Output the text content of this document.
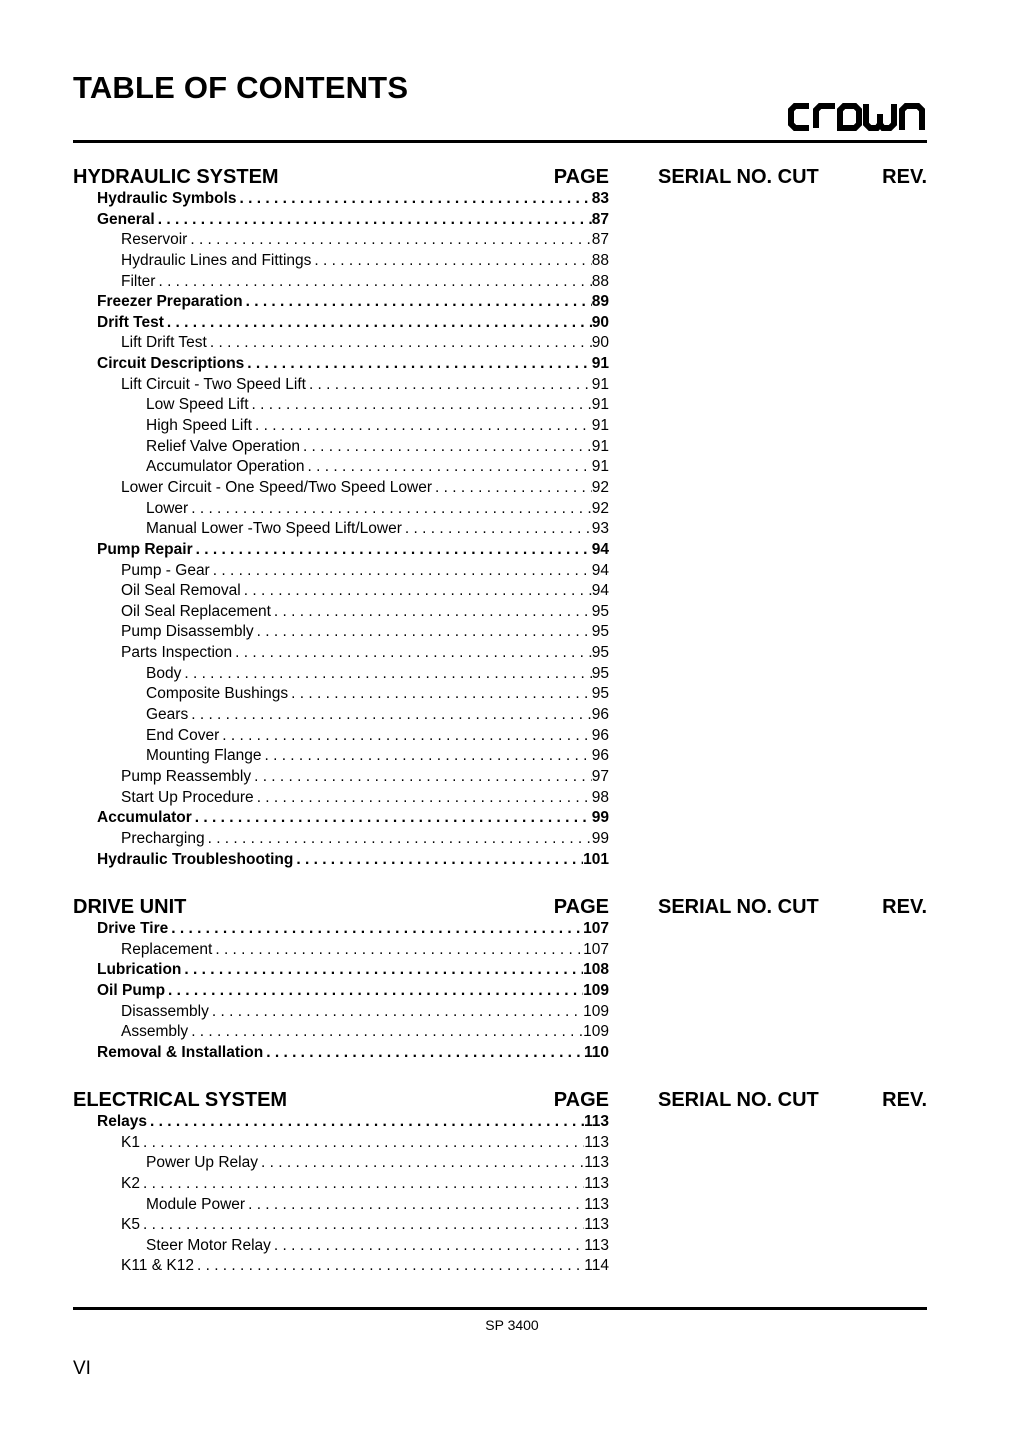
TABLE OF CONTENTS
HYDRAULIC SYSTEM	PAGE SERIAL NO. CUT	REV.
Hydraulic Symbols . . .	83
General . . .	87
Reservoir . . .	87
Hydraulic Lines and Fittings . . .	88
Filter . . .	88
Freezer Preparation . . .	89
Drift Test . . .	90
Lift Drift Test . . .	90
Circuit Descriptions . . .	91
Lift Circuit - Two Speed Lift . . .	91
Low Speed Lift . . .	91
High Speed Lift . . .	91
Relief Valve Operation . . .	91
Accumulator Operation . . .	91
Lower Circuit - One Speed/Two Speed Lower . . .	92
Lower . . .	92
Manual Lower -Two Speed Lift/Lower . . .	93
Pump Repair . . .	94
Pump - Gear . . .	94
Oil Seal Removal . . .	94
Oil Seal Replacement . . .	95
Pump Disassembly . . .	95
Parts Inspection . . .	95
Body . . .	95
Composite Bushings . . .	95
Gears . . .	96
End Cover . . .	96
Mounting Flange . . .	96
Pump Reassembly . . .	97
Start Up Procedure . . .	98
Accumulator . . .	99
Precharging . . .	99
Hydraulic Troubleshooting . . .	101
DRIVE UNIT	PAGE SERIAL NO. CUT	REV.
Drive Tire . . .	107
Replacement . . .	107
Lubrication . . .	108
Oil Pump . . .	109
Disassembly . . .	109
Assembly . . .	109
Removal & Installation . . .	110
ELECTRICAL SYSTEM	PAGE SERIAL NO. CUT	REV.
Relays . . .	113
K1 . . .	113
Power Up Relay . . .	113
K2 . . .	113
Module Power . . .	113
K5 . . .	113
Steer Motor Relay . . .	113
K11 & K12 . . .	114
SP 3400
VI
